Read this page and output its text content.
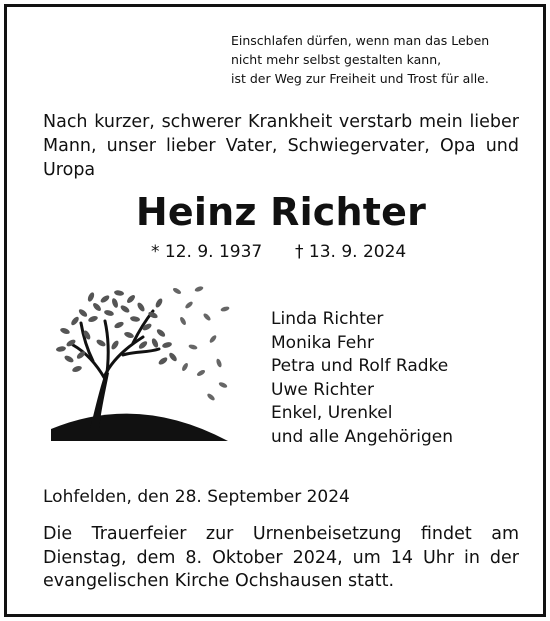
Einschlafen dürfen, wenn man das Leben
nicht mehr selbst gestalten kann,
ist der Weg zur Freiheit und Trost für alle.
Nach kurzer, schwerer Krankheit verstarb mein lieber Mann, unser lieber Vater, Schwiegervater, Opa und Uropa
Heinz Richter
* 12. 9. 1937 † 13. 9. 2024
Linda Richter
Monika Fehr
Petra und Rolf Radke
Uwe Richter
Enkel, Urenkel
und alle Angehörigen
Lohfelden, den 28. September 2024
Die Trauerfeier zur Urnenbeisetzung findet am Dienstag, dem 8. Oktober 2024, um 14 Uhr in der evangelischen Kirche Ochshausen statt.
